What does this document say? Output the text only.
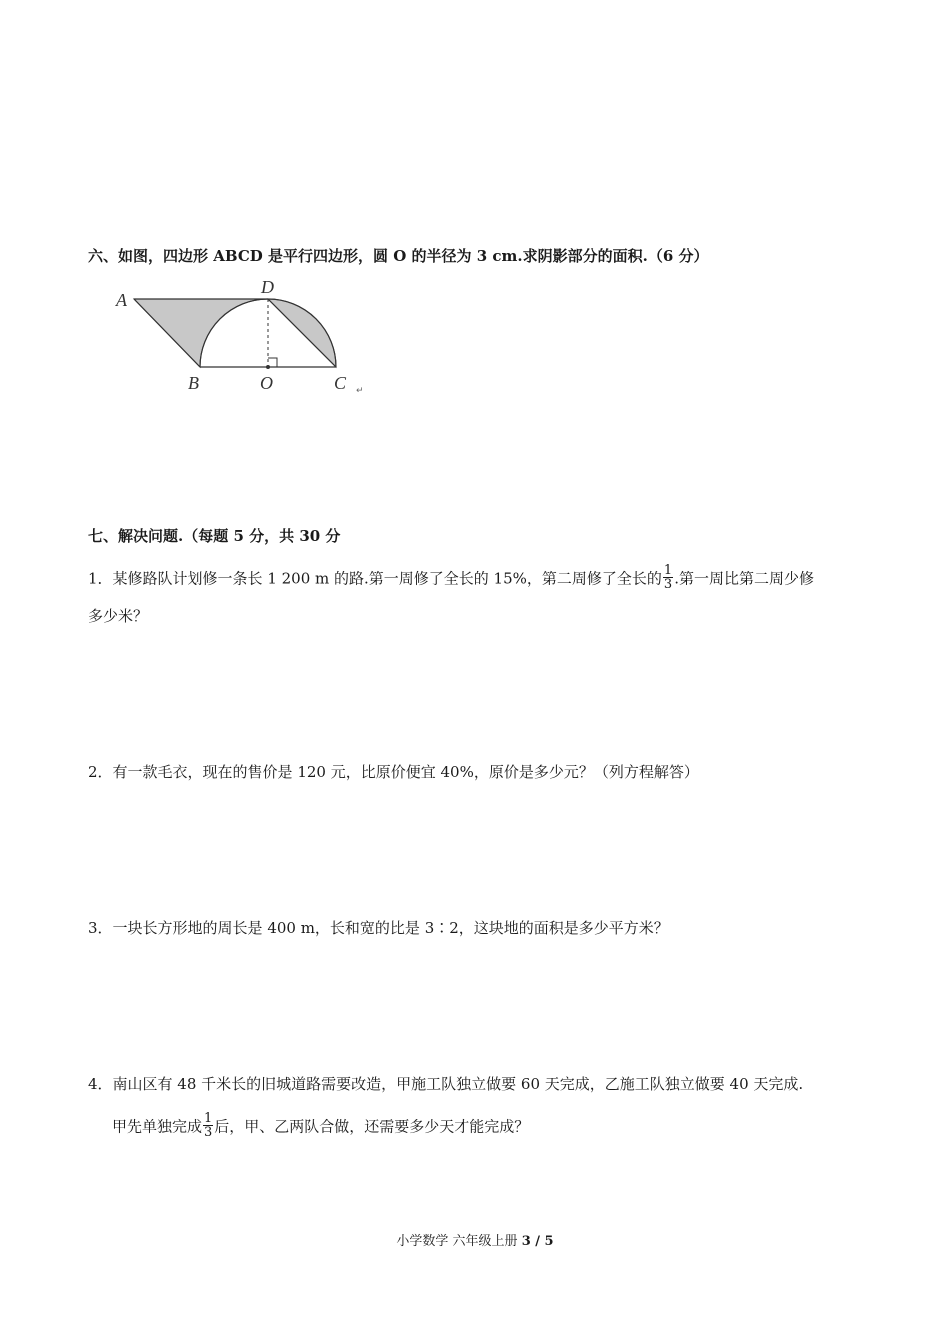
六、如图，四边形 ABCD 是平行四边形，圆 O 的半径为 3 cm.求阴影部分的面积.（6 分）
A
D
B	O	C ↵
七、解决问题.（每题 5 分，共 30 分
1．某修路队计划修一条长 1 200 m 的路.第一周修了全长的 15%，第二周修了全长的 $\frac{1}{3}$ .第一周比第二周少修
多少米？
2．有一款毛衣，现在的售价是 120 元，比原价便宜 40%，原价是多少元？（列方程解答）
3．一块长方形地的周长是 400 m，长和宽的比是 3∶2，这块地的面积是多少平方米？
4．南山区有 48 千米长的旧城道路需要改造，甲施工队独立做要 60 天完成，乙施工队独立做要 40 天完成.
甲先单独完成 $\frac{1}{3}$ 后，甲、乙两队合做，还需要多少天才能完成？
小学数学 六年级上册 3 / 5
